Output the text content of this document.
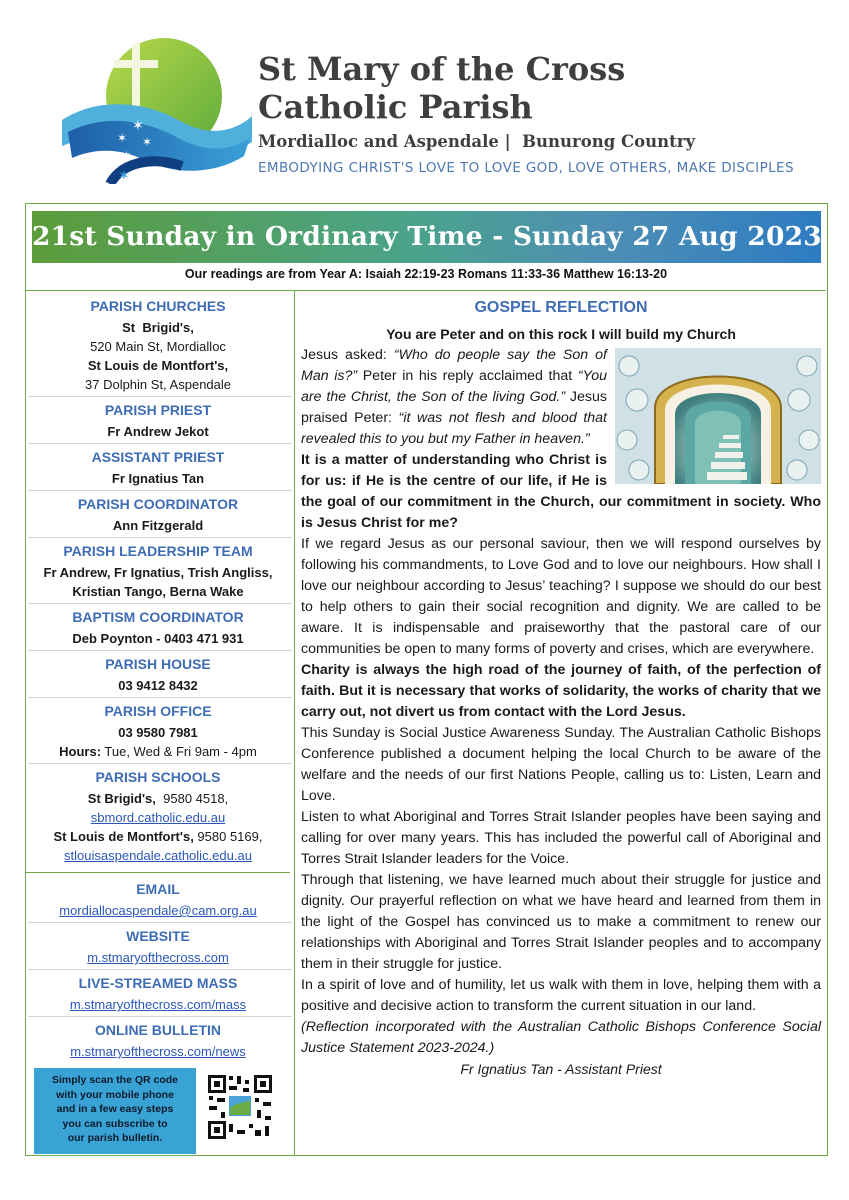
✶
✶ ✶
✶
✶
St Mary of the Cross
Catholic Parish
Mordialloc and Aspendale |  Bunurong Country
EMBODYING CHRIST'S LOVE TO LOVE GOD, LOVE OTHERS, MAKE DISCIPLES
21st Sunday in Ordinary Time - Sunday 27 Aug 2023
Our readings are from Year A: Isaiah 22:19-23 Romans 11:33-36 Matthew 16:13-20
PARISH CHURCHES
St  Brigid's,
520 Main St, Mordialloc
St Louis de Montfort's,
37 Dolphin St, Aspendale
PARISH PRIEST
Fr Andrew Jekot
ASSISTANT PRIEST
Fr Ignatius Tan
PARISH COORDINATOR
Ann Fitzgerald
PARISH LEADERSHIP TEAM
Fr Andrew, Fr Ignatius, Trish Angliss,
Kristian Tango, Berna Wake
BAPTISM COORDINATOR
Deb Poynton - 0403 471 931
PARISH HOUSE
03 9412 8432
PARISH OFFICE
03 9580 7981
Hours: Tue, Wed & Fri 9am - 4pm
PARISH SCHOOLS
St Brigid's,  9580 4518,
sbmord.catholic.edu.au
St Louis de Montfort's, 9580 5169,
stlouisaspendale.catholic.edu.au
EMAIL
mordiallocaspendale@cam.org.au
WEBSITE
m.stmaryofthecross.com
LIVE-STREAMED MASS
m.stmaryofthecross.com/mass
ONLINE BULLETIN
m.stmaryofthecross.com/news
Simply scan the QR code
with your mobile phone
and in a few easy steps
you can subscribe to
our parish bulletin.
GOSPEL REFLECTION
You are Peter and on this rock I will build my Church

Jesus asked: “Who do people say the Son of Man is?” Peter in his reply acclaimed that “You are the Christ, the Son of the living God.” Jesus praised Peter: “it was not flesh and blood that revealed this to you but my Father in heaven.”

It is a matter of understanding who Christ is for us: if He is the centre of our life, if He is the goal of our commitment in the Church, our commitment in society. Who is Jesus Christ for me?

If we regard Jesus as our personal saviour, then we will respond ourselves by following his commandments, to Love God and to love our neighbours. How shall I love our neighbour according to Jesus’ teaching? I suppose we should do our best to help others to gain their social recognition and dignity. We are called to be aware. It is indispensable and praiseworthy that the pastoral care of our communities be open to many forms of poverty and crises, which are everywhere.

Charity is always the high road of the journey of faith, of the perfection of faith. But it is necessary that works of solidarity, the works of charity that we carry out, not divert us from contact with the Lord Jesus.

This Sunday is Social Justice Awareness Sunday. The Australian Catholic Bishops Conference published a document helping the local Church to be aware of the welfare and the needs of our first Nations People, calling us to: Listen, Learn and Love.

Listen to what Aboriginal and Torres Strait Islander peoples have been saying and calling for over many years. This has included the powerful call of Aboriginal and Torres Strait Islander leaders for the Voice.

Through that listening, we have learned much about their struggle for justice and dignity. Our prayerful reflection on what we have heard and learned from them in the light of the Gospel has convinced us to make a commitment to renew our relationships with Aboriginal and Torres Strait Islander peoples and to accompany them in their struggle for justice.

In a spirit of love and of humility, let us walk with them in love, helping them with a positive and decisive action to transform the current situation in our land.

(Reflection incorporated with the Australian Catholic Bishops Conference Social Justice Statement 2023-2024.)

Fr Ignatius Tan - Assistant Priest
